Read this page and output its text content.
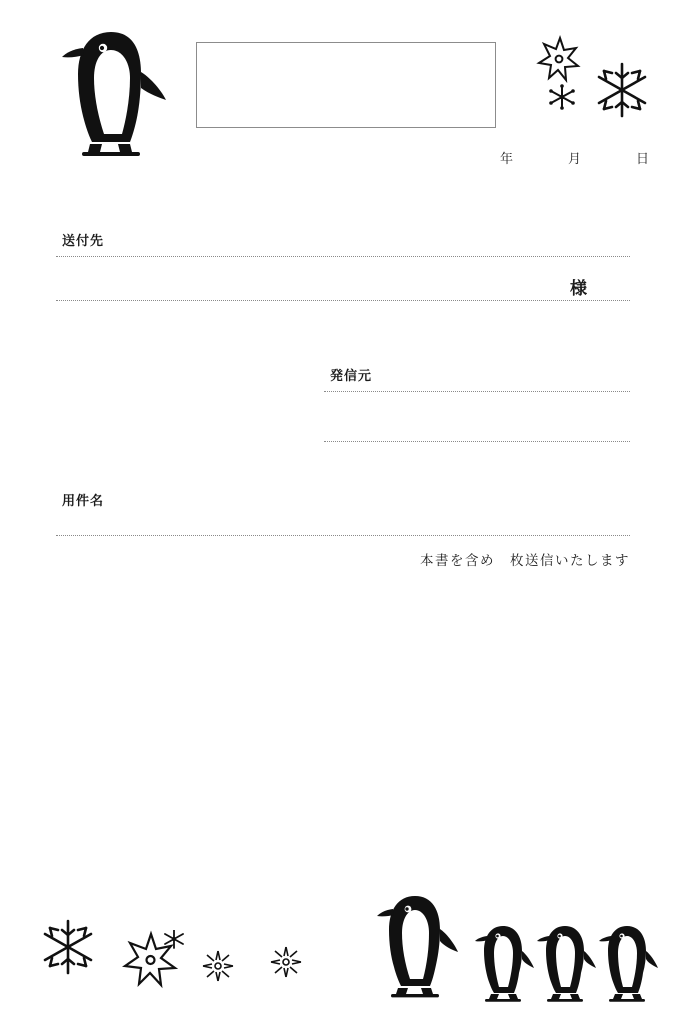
年	月	日
送付先
様
発信元
用件名
本書を含め　枚送信いたします
